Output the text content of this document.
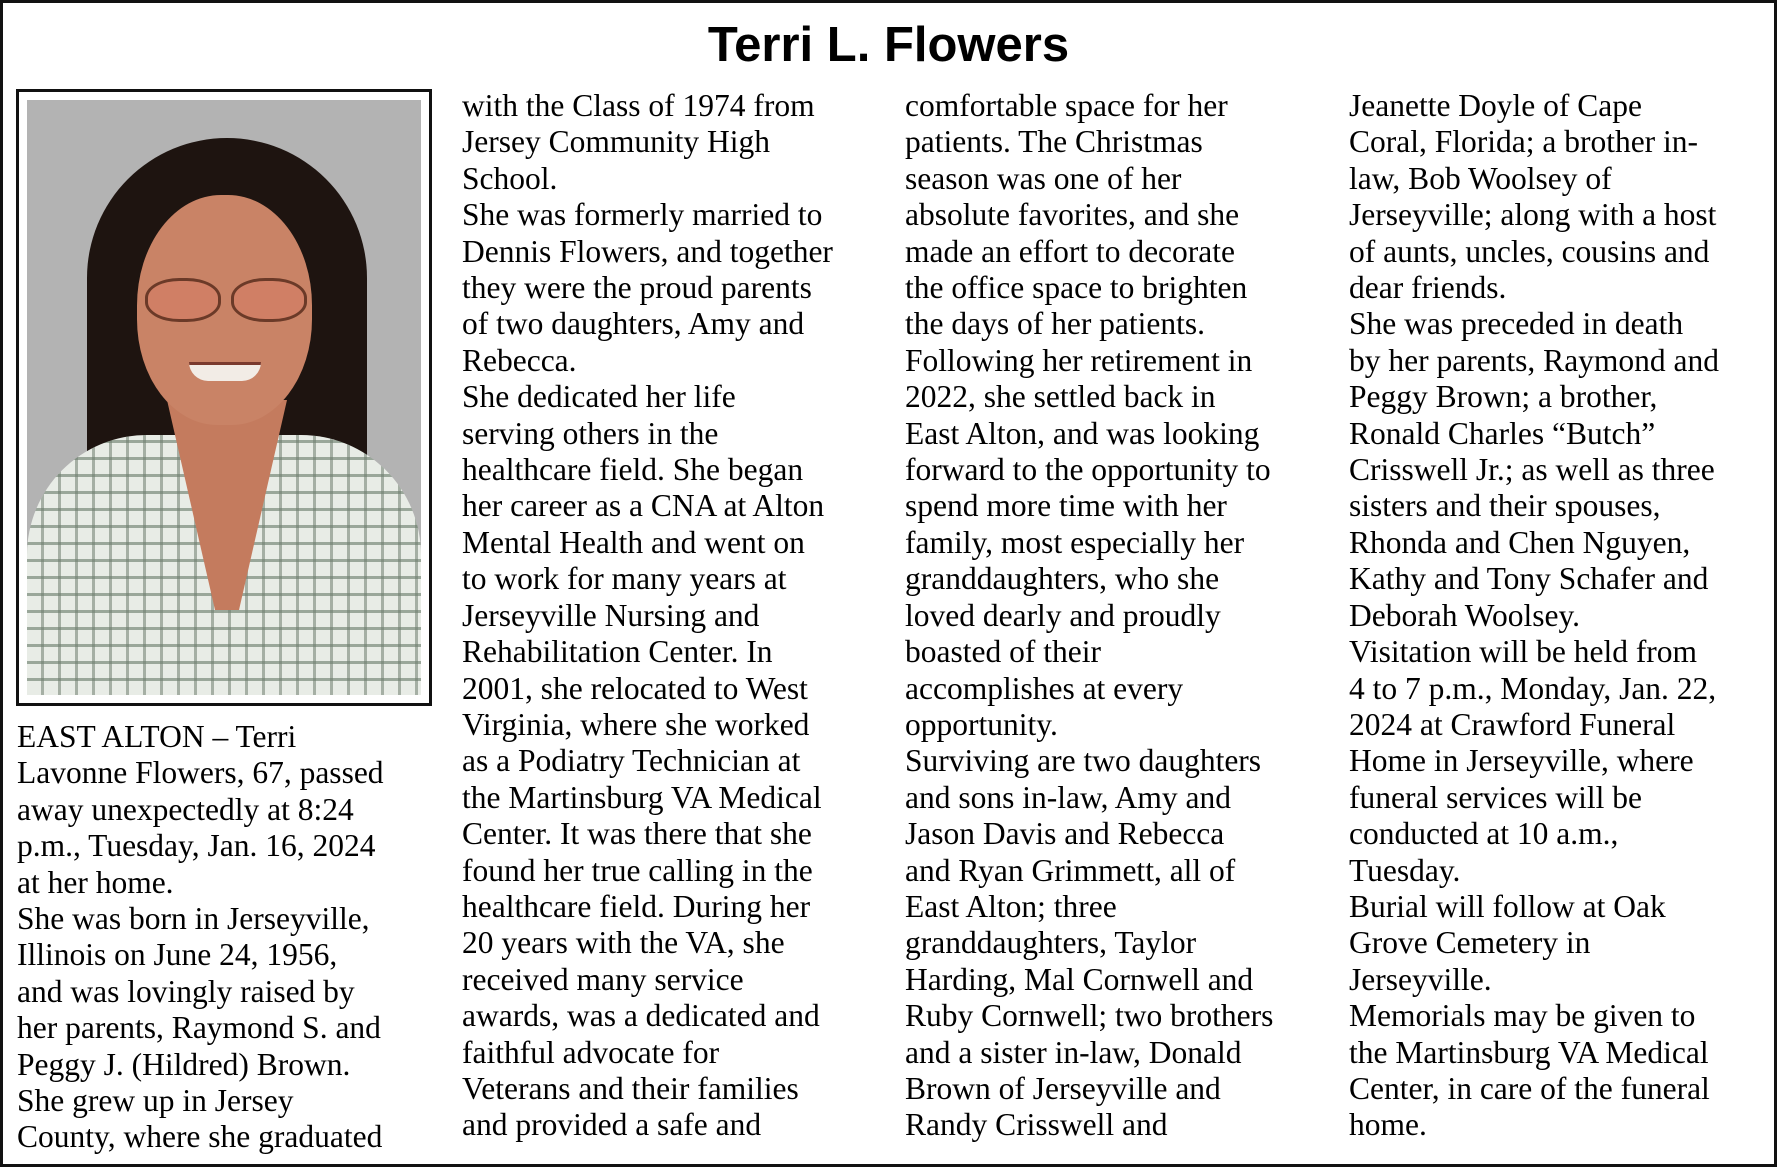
Terri L. Flowers
EAST ALTON – Terri
Lavonne Flowers, 67, passed
away unexpectedly at 8:24
p.m., Tuesday, Jan. 16, 2024
at her home.
She was born in Jerseyville,
Illinois on June 24, 1956,
and was lovingly raised by
her parents, Raymond S. and
Peggy J. (Hildred) Brown.
She grew up in Jersey
County, where she graduated
with the Class of 1974 from
Jersey Community High
School.
She was formerly married to
Dennis Flowers, and together
they were the proud parents
of two daughters, Amy and
Rebecca.
She dedicated her life
serving others in the
healthcare field. She began
her career as a CNA at Alton
Mental Health and went on
to work for many years at
Jerseyville Nursing and
Rehabilitation Center. In
2001, she relocated to West
Virginia, where she worked
as a Podiatry Technician at
the Martinsburg VA Medical
Center. It was there that she
found her true calling in the
healthcare field. During her
20 years with the VA, she
received many service
awards, was a dedicated and
faithful advocate for
Veterans and their families
and provided a safe and
comfortable space for her
patients. The Christmas
season was one of her
absolute favorites, and she
made an effort to decorate
the office space to brighten
the days of her patients.
Following her retirement in
2022, she settled back in
East Alton, and was looking
forward to the opportunity to
spend more time with her
family, most especially her
granddaughters, who she
loved dearly and proudly
boasted of their
accomplishes at every
opportunity.
Surviving are two daughters
and sons in-law, Amy and
Jason Davis and Rebecca
and Ryan Grimmett, all of
East Alton; three
granddaughters, Taylor
Harding, Mal Cornwell and
Ruby Cornwell; two brothers
and a sister in-law, Donald
Brown of Jerseyville and
Randy Crisswell and
Jeanette Doyle of Cape
Coral, Florida; a brother in-
law, Bob Woolsey of
Jerseyville; along with a host
of aunts, uncles, cousins and
dear friends.
She was preceded in death
by her parents, Raymond and
Peggy Brown; a brother,
Ronald Charles “Butch”
Crisswell Jr.; as well as three
sisters and their spouses,
Rhonda and Chen Nguyen,
Kathy and Tony Schafer and
Deborah Woolsey.
Visitation will be held from
4 to 7 p.m., Monday, Jan. 22,
2024 at Crawford Funeral
Home in Jerseyville, where
funeral services will be
conducted at 10 a.m.,
Tuesday.
Burial will follow at Oak
Grove Cemetery in
Jerseyville.
Memorials may be given to
the Martinsburg VA Medical
Center, in care of the funeral
home.
